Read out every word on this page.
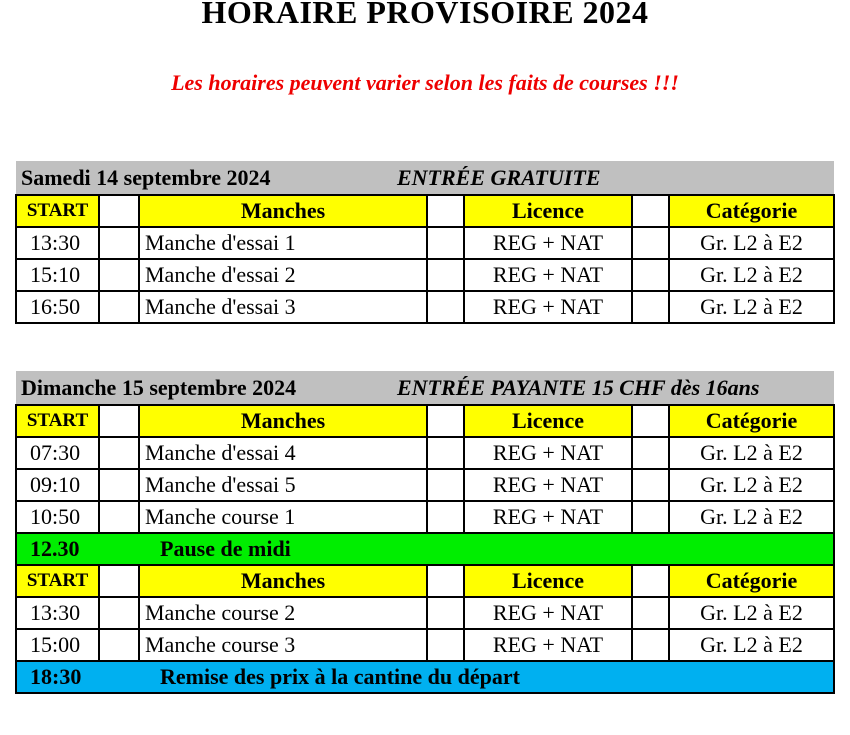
HORAIRE PROVISOIRE 2024
Les horaires peuvent varier selon les faits de courses !!!
Samedi 14 septembre 2024 ENTRÉE GRATUITE						
START		Manches		Licence		Catégorie
13:30		Manche d'essai 1		REG + NAT		Gr. L2 à E2
15:10		Manche d'essai 2		REG + NAT		Gr. L2 à E2
16:50		Manche d'essai 3		REG + NAT		Gr. L2 à E2
Dimanche 15 septembre 2024 ENTRÉE PAYANTE 15 CHF dès 16ans						
START		Manches		Licence		Catégorie
07:30		Manche d'essai 4		REG + NAT		Gr. L2 à E2
09:10		Manche d'essai 5		REG + NAT		Gr. L2 à E2
10:50		Manche course 1		REG + NAT		Gr. L2 à E2
12.30 Pause de midi						
START		Manches		Licence		Catégorie
13:30		Manche course 2		REG + NAT		Gr. L2 à E2
15:00		Manche course 3		REG + NAT		Gr. L2 à E2
18:30 Remise des prix à la cantine du départ						
